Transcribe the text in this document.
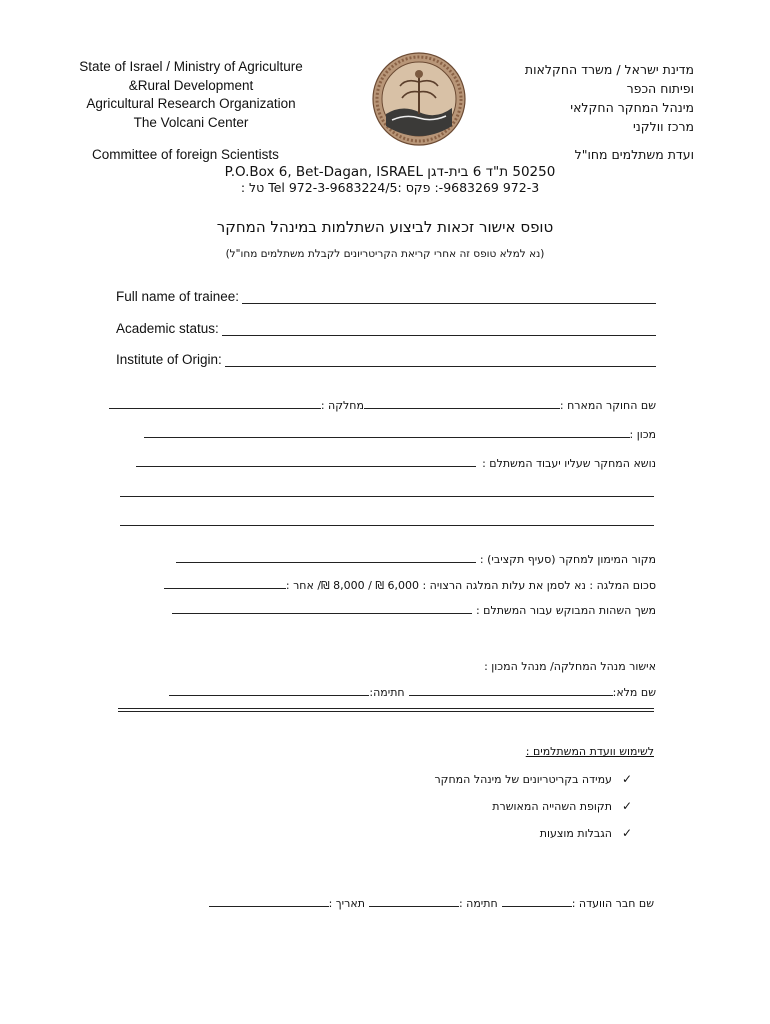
State of Israel / Ministry of Agriculture
&Rural Development
Agricultural Research Organization
The Volcani Center
מדינת ישראל / משרד החקלאות
ופיתוח הכפר
מינהל המחקר החקלאי
מרכז וולקני
Committee of foreign Scientists	ועדת משתלמים מחו"ל
50250 ת"ד 6 בית-דגן P.O.Box 6, Bet-Dagan, ISRAEL
972-3 9683269-: פקס :Tel 972-3-9683224/5 טל :
טופס אישור זכאות לביצוע השתלמות במינהל המחקר
(נא למלא טופס זה אחרי קריאת הקריטריונים לקבלת משתלמים מחו"ל)
Full name of trainee:
Academic status:
Institute of Origin:
שם החוקר המארח :מחלקה :
מכון :
נושא המחקר שעליו יעבוד המשתלם :
מקור המימון למחקר (סעיף תקציבי) :
סכום המלגה : נא לסמן את עלות המלגה הרצויה : 6,000 ₪ / 8,000 ₪/ אחר :
משך השהות המבוקש עבור המשתלם :
אישור מנהל המחלקה/ מנהל המכון :
שם מלא:חתימה:
לשימוש וועדת המשתלמים :
✓
עמידה בקריטריונים של מינהל המחקר
✓
תקופת השהייה המאושרת
✓
הגבלות מוצעות
שם חבר הוועדה :חתימה :תאריך :
